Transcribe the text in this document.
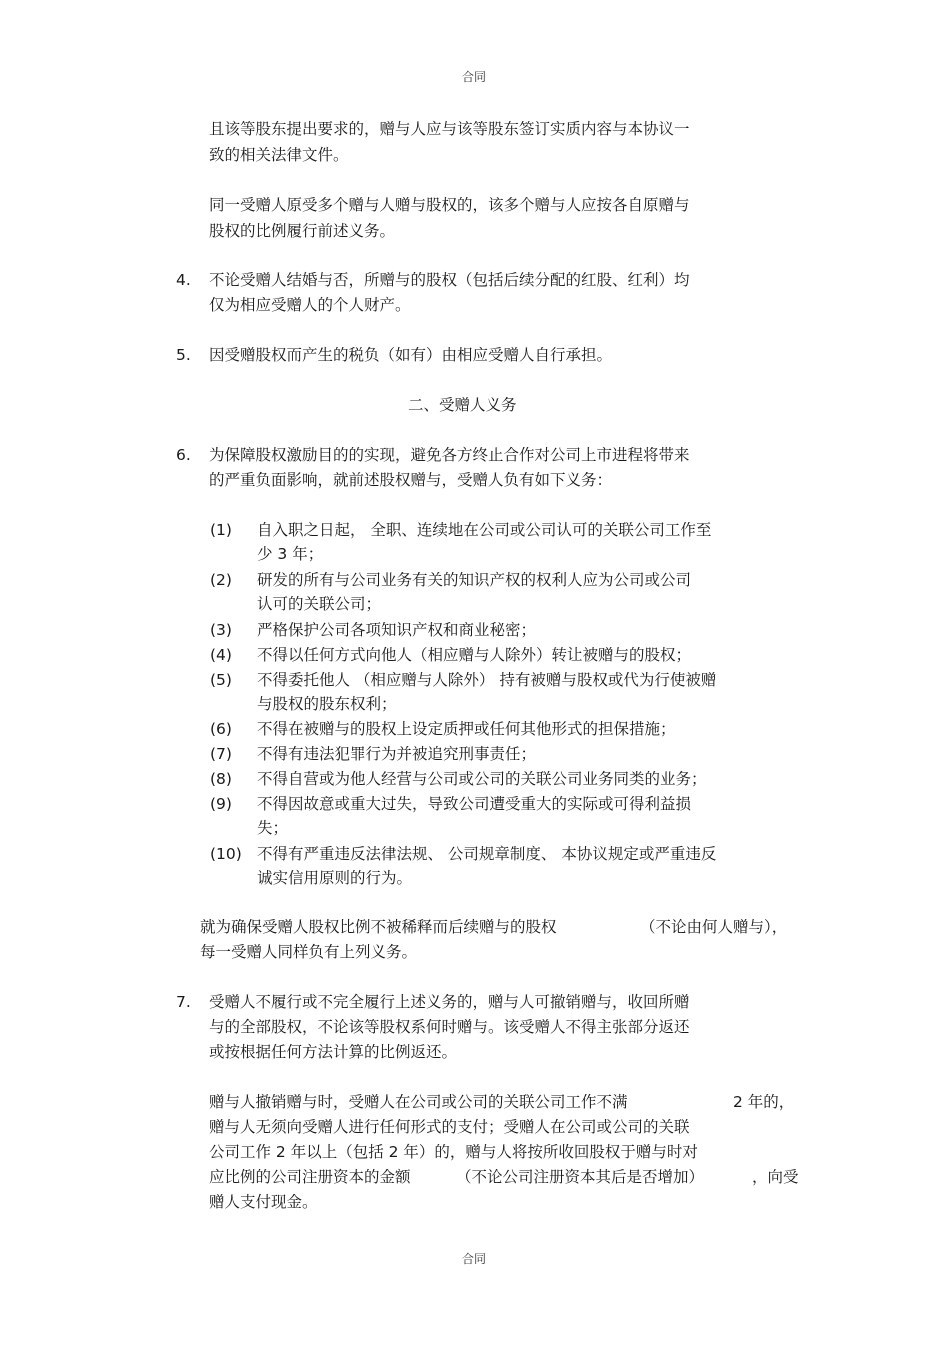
合同
且该等股东提出要求的，赠与人应与该等股东签订实质内容与本协议一
致的相关法律文件。
同一受赠人原受多个赠与人赠与股权的，该多个赠与人应按各自原赠与
股权的比例履行前述义务。
4. 不论受赠人结婚与否，所赠与的股权（包括后续分配的红股、红利）均
仅为相应受赠人的个人财产。
5. 因受赠股权而产生的税负（如有）由相应受赠人自行承担。
二、受赠人义务
6. 为保障股权激励目的的实现，避免各方终止合作对公司上市进程将带来
的严重负面影响，就前述股权赠与，受赠人负有如下义务：
(1) 自入职之日起， 全职、连续地在公司或公司认可的关联公司工作至
少 3 年；
(2) 研发的所有与公司业务有关的知识产权的权利人应为公司或公司
认可的关联公司；
(3) 严格保护公司各项知识产权和商业秘密；
(4) 不得以任何方式向他人（相应赠与人除外）转让被赠与的股权；
(5) 不得委托他人 （相应赠与人除外） 持有被赠与股权或代为行使被赠
与股权的股东权利；
(6) 不得在被赠与的股权上设定质押或任何其他形式的担保措施；
(7) 不得有违法犯罪行为并被追究刑事责任；
(8) 不得自营或为他人经营与公司或公司的关联公司业务同类的业务；
(9) 不得因故意或重大过失，导致公司遭受重大的实际或可得利益损
失；
(10) 不得有严重违反法律法规、 公司规章制度、 本协议规定或严重违反
诚实信用原则的行为。
就为确保受赠人股权比例不被稀释而后续赠与的股权	（不论由何人赠与），
每一受赠人同样负有上列义务。
7. 受赠人不履行或不完全履行上述义务的，赠与人可撤销赠与，收回所赠
与的全部股权，不论该等股权系何时赠与。该受赠人不得主张部分返还
或按根据任何方法计算的比例返还。
赠与人撤销赠与时，受赠人在公司或公司的关联公司工作不满	2 年的，
赠与人无须向受赠人进行任何形式的支付；受赠人在公司或公司的关联
公司工作 2 年以上（包括 2 年）的，赠与人将按所收回股权于赠与时对
应比例的公司注册资本的金额	（不论公司注册资本其后是否增加）	，向受
赠人支付现金。
合同
